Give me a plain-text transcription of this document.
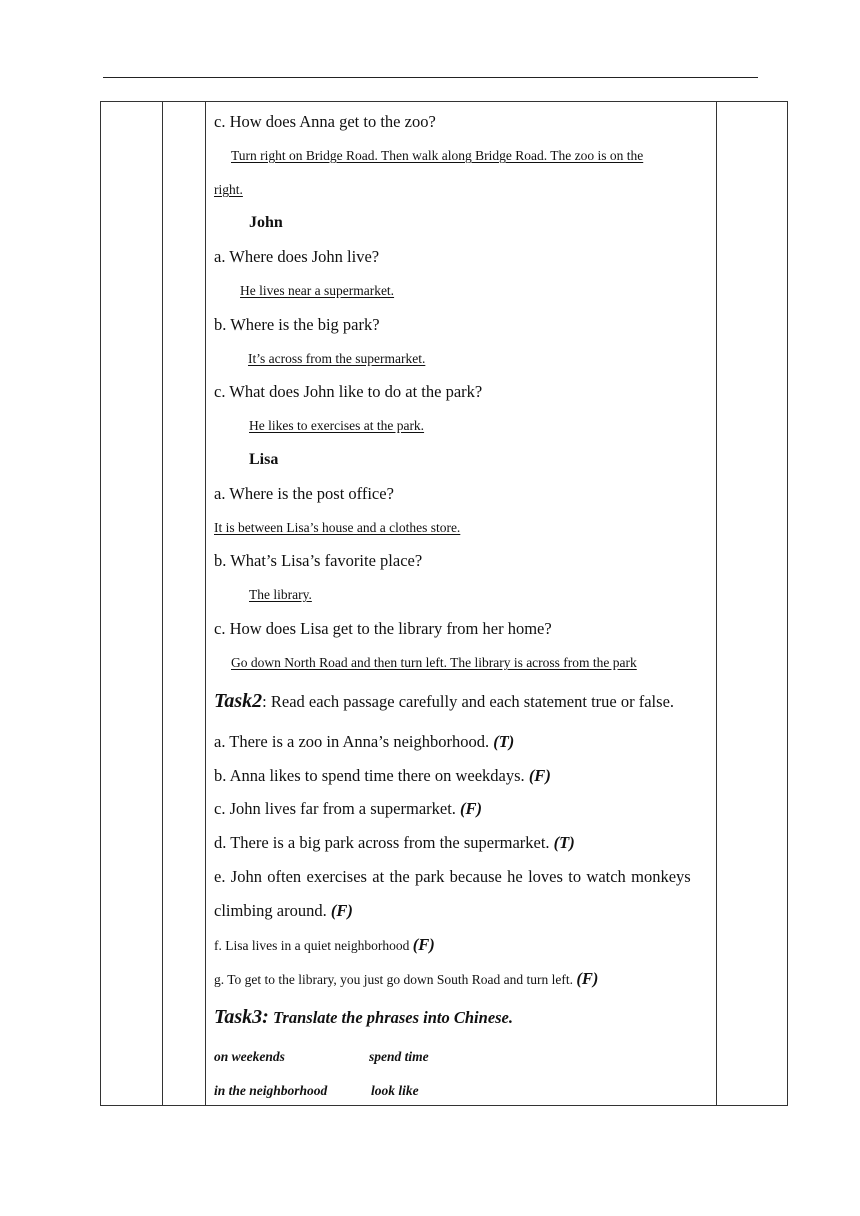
c. How does Anna get to the zoo?
Turn right on Bridge Road. Then walk along Bridge Road. The zoo is on the
right.
John
a. Where does John live?
He lives near a supermarket.
b. Where is the big park?
It’s across from the supermarket.
c. What does John like to do at the park?
He likes to exercises at the park.
Lisa
a. Where is the post office?
It is between Lisa’s house and a clothes store.
b. What’s Lisa’s favorite place?
The library.
c. How does Lisa get to the library from her home?
Go down North Road and then turn left. The library is across from the park
Task2: Read each passage carefully and each statement true or false.
a. There is a zoo in Anna’s neighborhood. (T)
b. Anna likes to spend time there on weekdays. (F)
c. John lives far from a supermarket. (F)
d. There is a big park across from the supermarket. (T)
e. John often exercises at the park because he loves to watch monkeys
climbing around. (F)
f. Lisa lives in a quiet neighborhood (F)
g. To get to the library, you just go down South Road and turn left. (F)
Task3: Translate the phrases into Chinese.
on weekends	spend time
in the neighborhood	look like
